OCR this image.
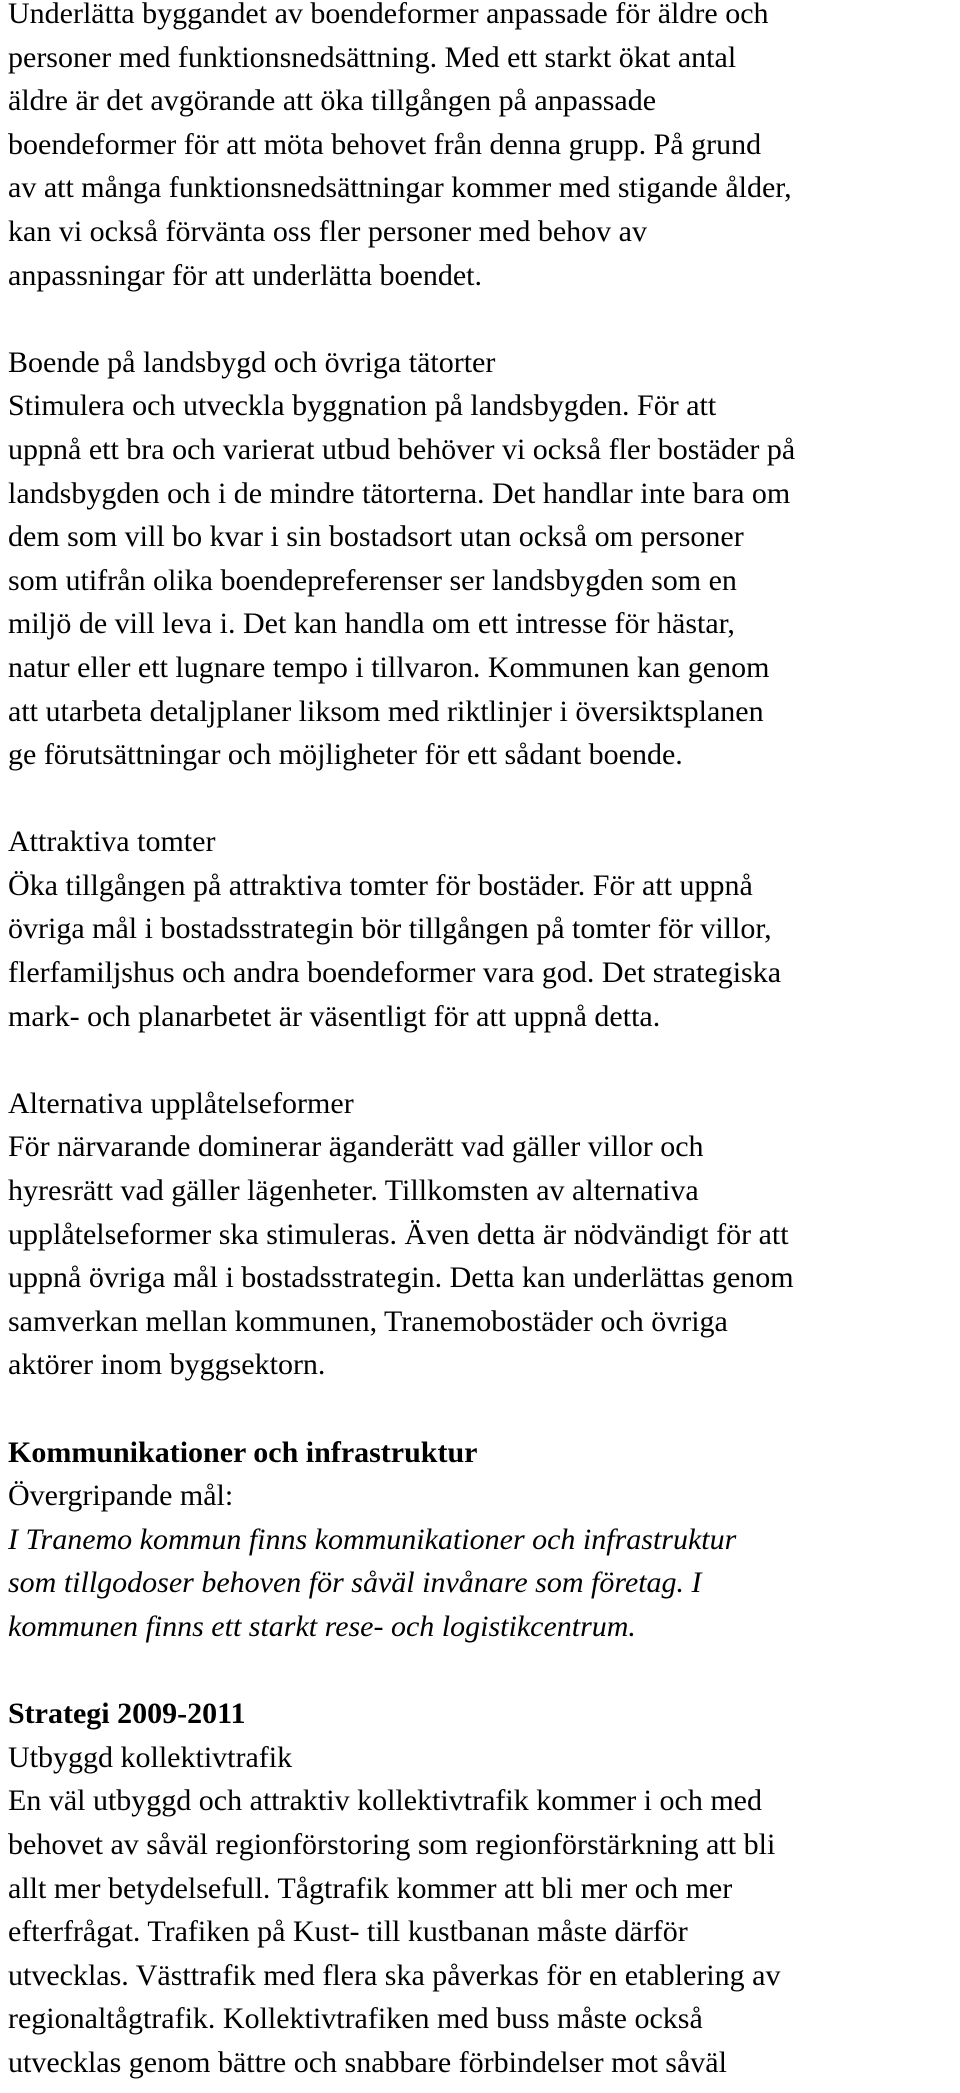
Underlätta byggandet av boendeformer anpassade för äldre och

personer med funktionsnedsättning. Med ett starkt ökat antal

äldre är det avgörande att öka tillgången på anpassade

boendeformer för att möta behovet från denna grupp. På grund

av att många funktionsnedsättningar kommer med stigande ålder,

kan vi också förvänta oss fler personer med behov av

anpassningar för att underlätta boendet.

Boende på landsbygd och övriga tätorter

Stimulera och utveckla byggnation på landsbygden. För att

uppnå ett bra och varierat utbud behöver vi också fler bostäder på

landsbygden och i de mindre tätorterna. Det handlar inte bara om

dem som vill bo kvar i sin bostadsort utan också om personer

som utifrån olika boendepreferenser ser landsbygden som en

miljö de vill leva i. Det kan handla om ett intresse för hästar,

natur eller ett lugnare tempo i tillvaron. Kommunen kan genom

att utarbeta detaljplaner liksom med riktlinjer i översiktsplanen

ge förutsättningar och möjligheter för ett sådant boende.

Attraktiva tomter

Öka tillgången på attraktiva tomter för bostäder. För att uppnå

övriga mål i bostadsstrategin bör tillgången på tomter för villor,

flerfamiljshus och andra boendeformer vara god. Det strategiska

mark- och planarbetet är väsentligt för att uppnå detta.

Alternativa upplåtelseformer

För närvarande dominerar äganderätt vad gäller villor och

hyresrätt vad gäller lägenheter. Tillkomsten av alternativa

upplåtelseformer ska stimuleras. Även detta är nödvändigt för att

uppnå övriga mål i bostadsstrategin. Detta kan underlättas genom

samverkan mellan kommunen, Tranemobostäder och övriga

aktörer inom byggsektorn.

Kommunikationer och infrastruktur

Övergripande mål:

I Tranemo kommun finns kommunikationer och infrastruktur

som tillgodoser behoven för såväl invånare som företag. I

kommunen finns ett starkt rese- och logistikcentrum.

Strategi 2009-2011

Utbyggd kollektivtrafik

En väl utbyggd och attraktiv kollektivtrafik kommer i och med

behovet av såväl regionförstoring som regionförstärkning att bli

allt mer betydelsefull. Tågtrafik kommer att bli mer och mer

efterfrågat. Trafiken på Kust- till kustbanan måste därför

utvecklas. Västtrafik med flera ska påverkas för en etablering av

regionaltågtrafik. Kollektivtrafiken med buss måste också

utvecklas genom bättre och snabbare förbindelser mot såväl
